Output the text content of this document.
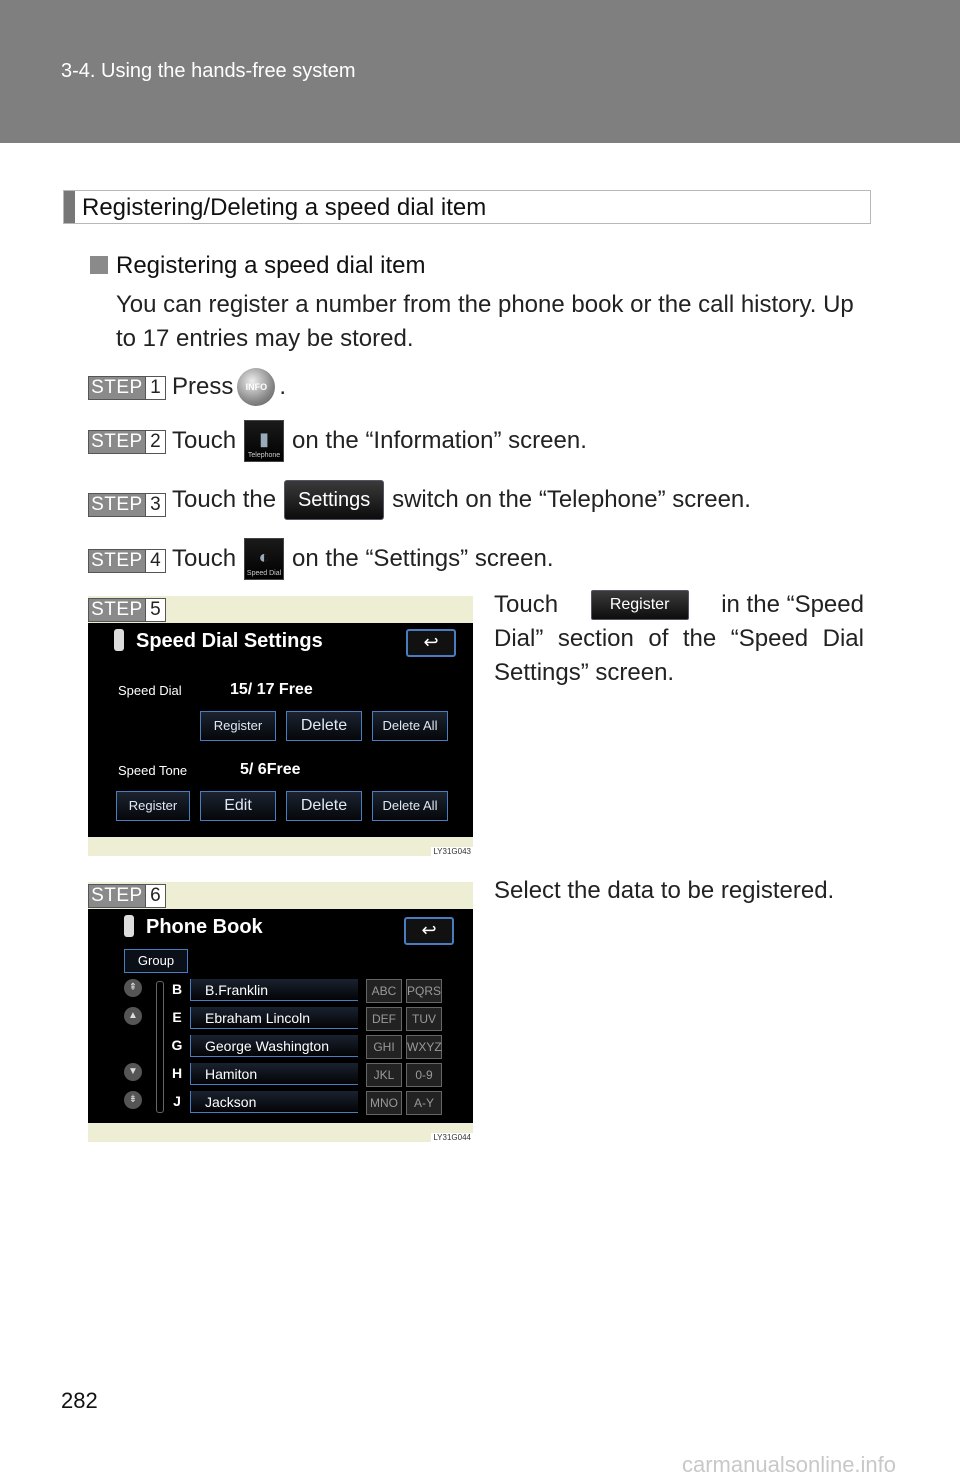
3-4. Using the hands-free system
Registering/Deleting a speed dial item
Registering a speed dial item
You can register a number from the phone book or the call history. Up to 17 entries may be stored.
STEP 1 Press	INFO .
STEP 2 Touch ▮
Telephone
on the “Information” screen.
STEP 3 Touch the	Settings switch on the “Telephone” screen.
STEP 4 Touch ◐
Speed Dial
on the “Settings” screen.
STEP 5
Speed Dial Settings	↩
Speed Dial	15/ 17 Free
Register	Delete	Delete All
Speed Tone	5/ 6Free
Register	Edit	Delete	Delete All
LY31G043
Touch	Register	in the “Speed
Dial” section of the “Speed Dial Settings” screen.
STEP 6
Phone Book	↩
Group
⇞
▲
▼
⇟
B	B.Franklin	ABC PQRS
E	Ebraham Lincoln	DEF	TUV
G	George Washington	GHI	WXYZ
H	Hamiton	JKL	0-9
J	Jackson	MNO	A-Y
LY31G044
Select the data to be registered.
282
carmanualsonline.info
